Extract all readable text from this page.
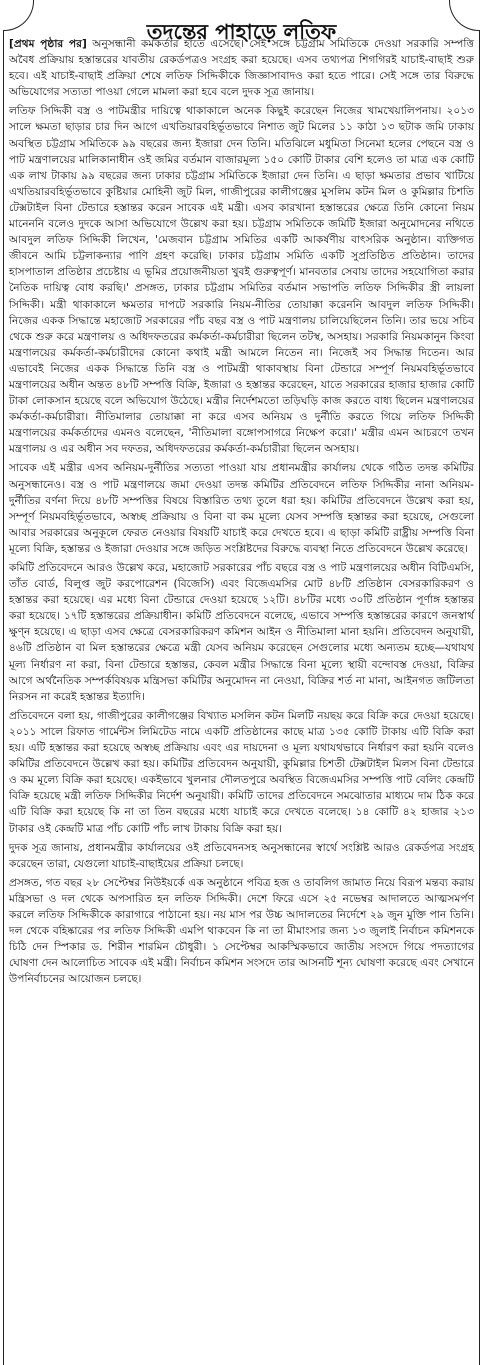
তদন্তের পাহাড়ে লতিফ

[প্রথম পৃষ্ঠার পর] অনুসন্ধানী কর্মকর্তার হাতে এসেছে। সেই সঙ্গে চট্টগ্রাম সমিতিকে দেওয়া সরকারি সম্পত্তি অবৈধ প্রক্রিয়ায় হস্তান্তরের যাবতীয় রেকর্ডপত্রও সংগ্রহ করা হয়েছে। এসব তথ্যপত্র শিগগিরই যাচাই-বাছাই শুরু হবে। এই যাচাই-বাছাই প্রক্রিয়া শেষে লতিফ সিদ্দিকীকে জিজ্ঞাসাবাদও করা হতে পারে। সেই সঙ্গে তার বিরুদ্ধে অভিযোগের সত্যতা পাওয়া গেলে মামলা করা হবে বলে দুদক সূত্র জানায়।

লতিফ সিদ্দিকী বস্ত্র ও পাটমন্ত্রীর দায়িত্বে থাকাকালে অনেক কিছুই করেছেন নিজের খামখেয়ালিপনায়। ২০১৩ সালে ক্ষমতা ছাড়ার চার দিন আগে এখতিয়ারবহির্ভূতভাবে নিশাত জুট মিলের ১১ কাঠা ১৩ ছটাক জমি ঢাকায় অবস্থিত চট্টগ্রাম সমিতিকে ৯৯ বছরের জন্য ইজারা দেন তিনি। মতিঝিলে মধুমিতা সিনেমা হলের পেছনে বস্ত্র ও পাট মন্ত্রণালয়ের মালিকানাধীন ওই জমির বর্তমান বাজারমূল্য ১৫০ কোটি টাকার বেশি হলেও তা মাত্র এক কোটি এক লাখ টাকায় ৯৯ বছরের জন্য ঢাকার চট্টগ্রাম সমিতিকে ইজারা দেন তিনি। এ ছাড়া ক্ষমতার প্রভাব খাটিয়ে এখতিয়ারবহির্ভূতভাবে কুষ্টিয়ার মোহিনী জুট মিল, গাজীপুরের কালীগঞ্জের মুসলিম কটন মিল ও কুমিল্লার চিশতি টেক্সটাইল বিনা টেন্ডারে হস্তান্তর করেন সাবেক এই মন্ত্রী। এসব কারখানা হস্তান্তরের ক্ষেত্রে তিনি কোনো নিয়ম মানেননি বলেও দুদকে আসা অভিযোগে উল্লেখ করা হয়। চট্টগ্রাম সমিতিকে জমিটি ইজারা অনুমোদনের নথিতে আবদুল লতিফ সিদ্দিকী লিখেন, 'মেজবান চট্টগ্রাম সমিতির একটি আকর্ষণীয় বাৎসরিক অনুষ্ঠান। ব্যক্তিগত জীবনে আমি চট্টলাকন্যার পাণি গ্রহণ করেছি। ঢাকার চট্টগ্রাম সমিতি একটি সুপ্রতিষ্ঠিত প্রতিষ্ঠান। তাদের হাসপাতাল প্রতিষ্ঠার প্রচেষ্টায় এ ভূমির প্রয়োজনীয়তা খুবই গুরুত্বপূর্ণ। মানবতার সেবায় তাদের সহযোগিতা করার নৈতিক দায়িত্ব বোধ করছি।' প্রসঙ্গত, ঢাকার চট্টগ্রাম সমিতির বর্তমান সভাপতি লতিফ সিদ্দিকীর স্ত্রী লায়লা সিদ্দিকী। মন্ত্রী থাকাকালে ক্ষমতার দাপটে সরকারি নিয়ম-নীতির তোয়াক্কা করেননি আবদুল লতিফ সিদ্দিকী। নিজের একক সিদ্ধান্তে মহাজোট সরকারের পাঁচ বছর বস্ত্র ও পাট মন্ত্রণালয় চালিয়েছিলেন তিনি। তার ভয়ে সচিব থেকে শুরু করে মন্ত্রণালয় ও অধিদফতরের কর্মকর্তা-কর্মচারীরা ছিলেন তটস্থ, অসহায়। সরকারি নিয়মকানুন কিংবা মন্ত্রণালয়ের কর্মকর্তা-কর্মচারীদের কোনো কথাই মন্ত্রী আমলে নিতেন না। নিজেই সব সিদ্ধান্ত দিতেন। আর এভাবেই নিজের একক সিদ্ধান্তে তিনি বস্ত্র ও পাটমন্ত্রী থাকাবস্থায় বিনা টেন্ডারে সম্পূর্ণ নিয়মবহির্ভূতভাবে মন্ত্রণালয়ের অধীন অন্তত ৪৮টি সম্পত্তি বিক্রি, ইজারা ও হস্তান্তর করেছেন, যাতে সরকারের হাজার হাজার কোটি টাকা লোকসান হয়েছে বলে অভিযোগ উঠেছে। মন্ত্রীর নির্দেশমতো তড়িঘড়ি কাজ করতে বাধ্য ছিলেন মন্ত্রণালয়ের কর্মকর্তা-কর্মচারীরা। নীতিমালার তোয়াক্কা না করে এসব অনিয়ম ও দুর্নীতি করতে গিয়ে লতিফ সিদ্দিকী মন্ত্রণালয়ের কর্মকর্তাদের এমনও বলেছেন, 'নীতিমালা বঙ্গোপসাগরে নিক্ষেপ করো।' মন্ত্রীর এমন আচরণে তখন মন্ত্রণালয় ও এর অধীন সব দফতর, অধিদফতরের কর্মকর্তা-কর্মচারীরা ছিলেন অসহায়।

সাবেক এই মন্ত্রীর এসব অনিয়ম-দুর্নীতির সত্যতা পাওয়া যায় প্রধানমন্ত্রীর কার্যালয় থেকে গঠিত তদন্ত কমিটির অনুসন্ধানেও। বস্ত্র ও পাট মন্ত্রণালয়ে জমা দেওয়া তদন্ত কমিটির প্রতিবেদনে লতিফ সিদ্দিকীর নানা অনিয়ম-দুর্নীতির বর্ণনা দিয়ে ৪৮টি সম্পত্তির বিষয়ে বিস্তারিত তথ্য তুলে ধরা হয়। কমিটির প্রতিবেদনে উল্লেখ করা হয়, সম্পূর্ণ নিয়মবহির্ভূতভাবে, অস্বচ্ছ প্রক্রিয়ায় ও বিনা বা কম মূল্যে যেসব সম্পত্তি হস্তান্তর করা হয়েছে, সেগুলো আবার সরকারের অনুকূলে ফেরত নেওয়ার বিষয়টি যাচাই করে দেখতে হবে। এ ছাড়া কমিটি রাষ্ট্রীয় সম্পত্তি বিনা মূল্যে বিক্রি, হস্তান্তর ও ইজারা দেওয়ার সঙ্গে জড়িত সংশ্লিষ্টদের বিরুদ্ধে ব্যবস্থা নিতে প্রতিবেদনে উল্লেখ করেছে।

কমিটি প্রতিবেদনে আরও উল্লেখ করে, মহাজোট সরকারের পাঁচ বছরে বস্ত্র ও পাট মন্ত্রণালয়ের অধীন বিটিএমসি, তাঁত বোর্ড, বিলুপ্ত জুট করপোরেশন (বিজেসি) এবং বিজেএমসির মোট ৪৮টি প্রতিষ্ঠান বেসরকারিকরণ ও হস্তান্তর করা হয়েছে। এর মধ্যে বিনা টেন্ডারে দেওয়া হয়েছে ১২টি। ৪৮টির মধ্যে ৩০টি প্রতিষ্ঠান পূর্ণাঙ্গ হস্তান্তর করা হয়েছে। ১৭টি হস্তান্তরের প্রক্রিয়াধীন। কমিটি প্রতিবেদনে বলেছে, এভাবে সম্পত্তি হস্তান্তরের কারণে জনস্বার্থ ক্ষুণ্ন হয়েছে। এ ছাড়া এসব ক্ষেত্রে বেসরকারিকরণ কমিশন আইন ও নীতিমালা মানা হয়নি। প্রতিবেদন অনুযায়ী, ৪৬টি প্রতিষ্ঠান বা মিল হস্তান্তরের ক্ষেত্রে মন্ত্রী যেসব অনিয়ম করেছেন সেগুলোর মধ্যে অন্যতম হচ্ছে—যথাযথ মূল্য নির্ধারণ না করা, বিনা টেন্ডারে হস্তান্তর, কেবল মন্ত্রীর সিদ্ধান্তে বিনা মূল্যে স্থায়ী বন্দোবস্ত দেওয়া, বিক্রির আগে অর্থনৈতিক সম্পর্কবিষয়ক মন্ত্রিসভা কমিটির অনুমোদন না নেওয়া, বিক্রির শর্ত না মানা, আইনগত জটিলতা নিরসন না করেই হস্তান্তর ইত্যাদি।

প্রতিবেদনে বলা হয়, গাজীপুরের কালীগঞ্জের বিখ্যাত মসলিন কটন মিলটি নয়ছয় করে বিক্রি করে দেওয়া হয়েছে। ২০১১ সালে রিফাত গার্মেন্টস লিমিটেড নামে একটি প্রতিষ্ঠানের কাছে মাত্র ১৩৫ কোটি টাকায় এটি বিক্রি করা হয়। এটি হস্তান্তর করা হয়েছে অস্বচ্ছ প্রক্রিয়ায় এবং এর দায়দেনা ও মূল্য যথাযথভাবে নির্ধারণ করা হয়নি বলেও কমিটির প্রতিবেদনে উল্লেখ করা হয়। কমিটির প্রতিবেদন অনুযায়ী, কুমিল্লার চিশতী টেক্সটাইল মিলস বিনা টেন্ডারে ও কম মূল্যে বিক্রি করা হয়েছে। একইভাবে খুলনার দৌলতপুরে অবস্থিত বিজেএমসির সম্পত্তি পাট বেলিং কেন্দ্রটি বিক্রি হয়েছে মন্ত্রী লতিফ সিদ্দিকীর নির্দেশ অনুযায়ী। কমিটি তাদের প্রতিবেদনে সমঝোতার মাধ্যমে দাম ঠিক করে এটি বিক্রি করা হয়েছে কি না তা তিন বছরের মধ্যে যাচাই করে দেখতে বলেছে। ১৪ কোটি ৪২ হাজার ২১৩ টাকার ওই কেন্দ্রটি মাত্র পাঁচ কোটি পাঁচ লাখ টাকায় বিক্রি করা হয়।

দুদক সূত্র জানায়, প্রধানমন্ত্রীর কার্যালয়ের ওই প্রতিবেদনসহ অনুসন্ধানের স্বার্থে সংশ্লিষ্ট আরও রেকর্ডপত্র সংগ্রহ করেছেন তারা, যেগুলো যাচাই-বাছাইয়ের প্রক্রিয়া চলছে।

প্রসঙ্গত, গত বছর ২৮ সেপ্টেম্বর নিউইয়র্কে এক অনুষ্ঠানে পবিত্র হজ ও তাবলিগ জামাত নিয়ে বিরূপ মন্তব্য করায় মন্ত্রিসভা ও দল থেকে অপসারিত হন লতিফ সিদ্দিকী। দেশে ফিরে এসে ২৫ নভেম্বর আদালতে আত্মসমর্পণ করলে লতিফ সিদ্দিকীকে কারাগারে পাঠানো হয়। নয় মাস পর উচ্চ আদালতের নির্দেশে ২৯ জুন মুক্তি পান তিনি। দল থেকে বহিষ্কারের পর লতিফ সিদ্দিকী এমপি থাকবেন কি না তা মীমাংসার জন্য ১৩ জুলাই নির্বাচন কমিশনকে চিঠি দেন স্পিকার ড. শিরীন শারমিন চৌধুরী। ১ সেপ্টেম্বর আকস্মিকভাবে জাতীয় সংসদে গিয়ে পদত্যাগের ঘোষণা দেন আলোচিত সাবেক এই মন্ত্রী। নির্বাচন কমিশন সংসদে তার আসনটি শূন্য ঘোষণা করেছে এবং সেখানে উপনির্বাচনের আয়োজন চলছে।
